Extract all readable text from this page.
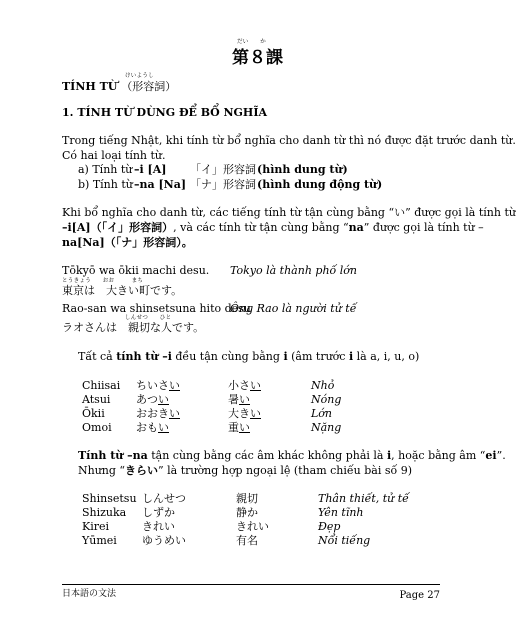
だい　　か
第８課
けいようし
TÍNH TỪ （形容詞）
1. TÍNH TỪ DÙNG ĐỂ BỔ NGHĨA
Trong tiếng Nhật, khi tính từ bổ nghĩa cho danh từ thì nó được đặt trước danh từ.
Có hai loại tính từ.
a) Tính từ –i [A] 「イ」形容詞 (hình dung từ)
b) Tính từ –na [Na] 「ナ」形容詞 (hình dung động từ)
Khi bổ nghĩa cho danh từ, các tiếng tính từ tận cùng bằng “い” được gọi là tính từ
–i[A]（「イ」形容詞）, và các tính từ tận cùng bằng “na” được gọi là tính từ –
na[Na]（「ナ」形容詞）。
Tōkyō wa ōkii machi desu. Tokyo là thành phố lớn
とうきょう　　おお　　　まち
東京は　大きい町です。
Rao-san wa shinsetsuna hito desu
Ông Rao là người tử tế
しんせつ　　ひと
ラオさんは　親切な人です。
Tất cả tính từ –i đều tận cùng bằng i (âm trước i là a, i, u, o)
Chiisai ちいさい	小さい	Nhỏ
Atsui あつい	暑い	Nóng
Ōkii	おおきい	大きい	Lớn
Omoi おもい	重い	Nặng
Tính từ –na tận cùng bằng các âm khác không phải là i, hoặc bằng âm “ei”.
Nhưng “きらい” là trường hợp ngoại lệ (tham chiếu bài số 9)
Shinsetsu しんせつ	親切	Thân thiết, tử tế
Shizuka しずか	静か	Yên tĩnh
Kirei	きれい	きれい	Đẹp
Yūmei ゆうめい	有名	Nổi tiếng
日本語の文法	Page 27
